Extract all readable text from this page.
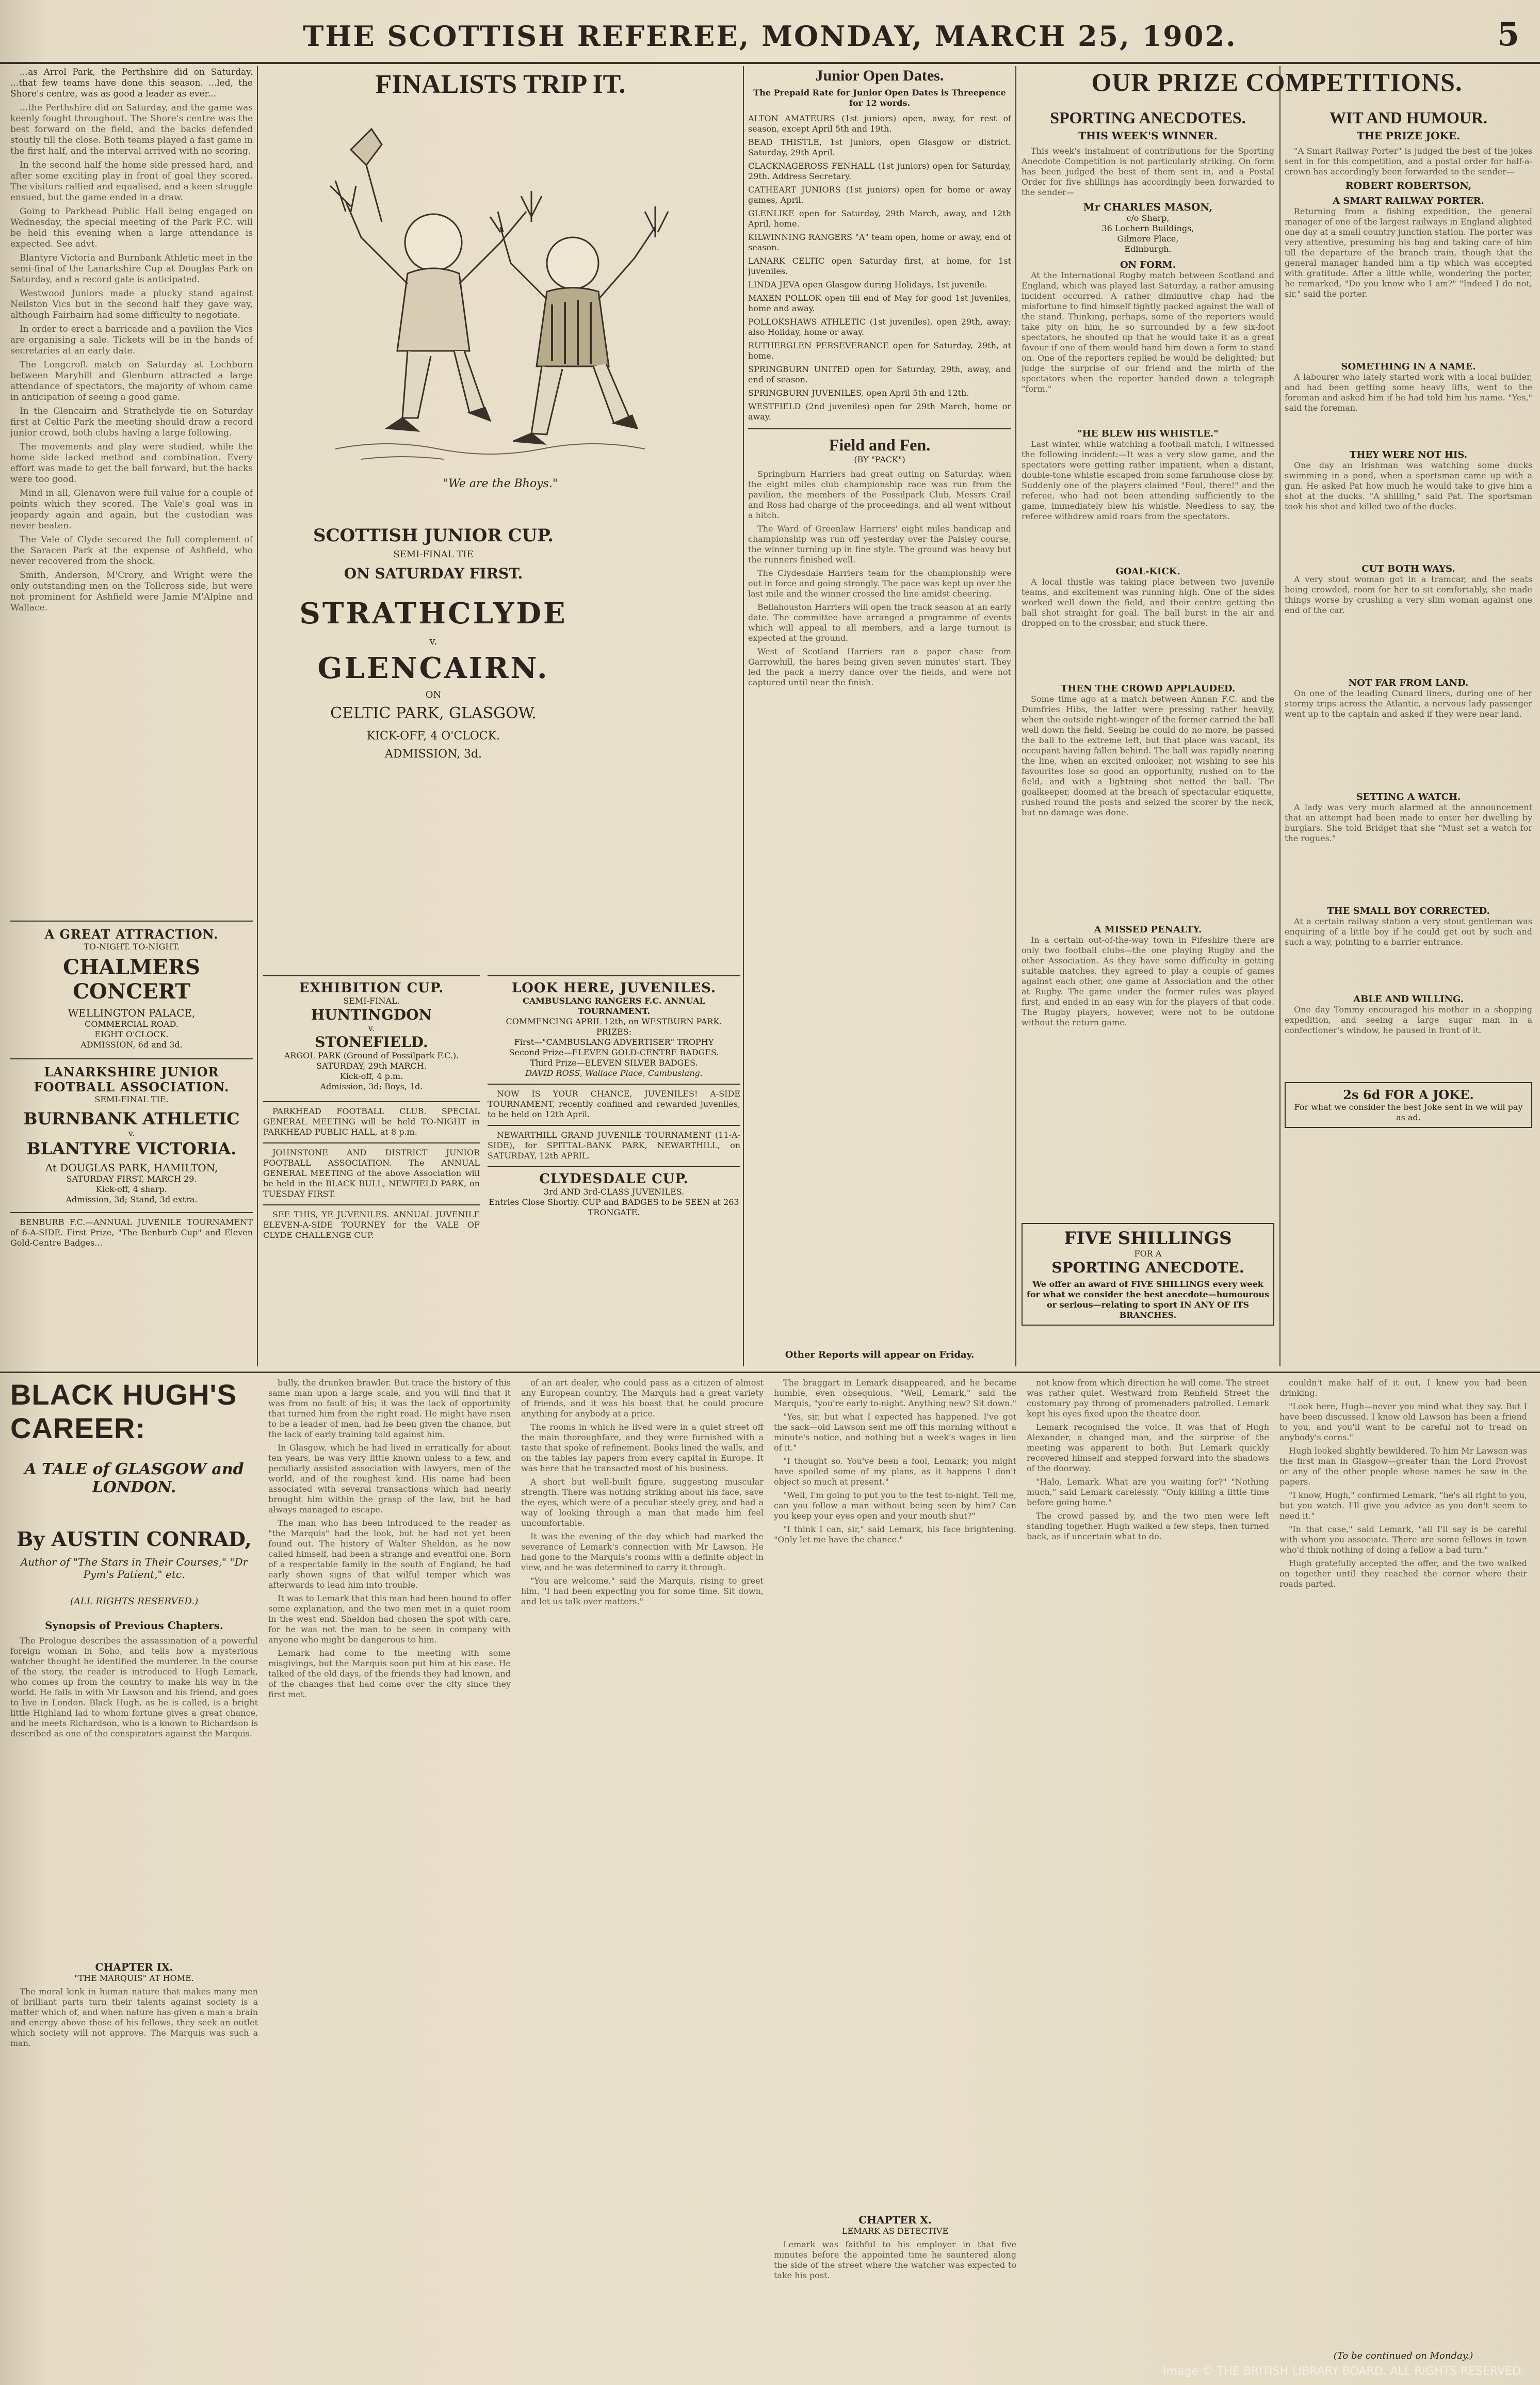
THE SCOTTISH REFEREE, MONDAY, MARCH 25, 1902.	5

...as Arrol Park, the Perthshire did on Saturday. ...that few teams have done this season. ...led, the Shore's centre, was as good a leader as ever...

...the Perthshire did on Saturday, and the game was keenly fought throughout. The Shore's centre was the best forward on the field, and the backs defended stoutly till the close. Both teams played a fast game in the first half, and the interval arrived with no scoring.

In the second half the home side pressed hard, and after some exciting play in front of goal they scored. The visitors rallied and equalised, and a keen struggle ensued, but the game ended in a draw.

Going to Parkhead Public Hall being engaged on Wednesday, the special meeting of the Park F.C. will be held this evening when a large attendance is expected. See advt.

Blantyre Victoria and Burnbank Athletic meet in the semi-final of the Lanarkshire Cup at Douglas Park on Saturday, and a record gate is anticipated.

Westwood Juniors made a plucky stand against Neilston Vics but in the second half they gave way, although Fairbairn had some difficulty to negotiate.

In order to erect a barricade and a pavilion the Vics are organising a sale. Tickets will be in the hands of secretaries at an early date.

The Longcroft match on Saturday at Lochburn between Maryhill and Glenburn attracted a large attendance of spectators, the majority of whom came in anticipation of seeing a good game.

In the Glencairn and Strathclyde tie on Saturday first at Celtic Park the meeting should draw a record junior crowd, both clubs having a large following.

The movements and play were studied, while the home side lacked method and combination. Every effort was made to get the ball forward, but the backs were too good.

Mind in all, Glenavon were full value for a couple of points which they scored. The Vale's goal was in jeopardy again and again, but the custodian was never beaten.

The Vale of Clyde secured the full complement of the Saracen Park at the expense of Ashfield, who never recovered from the shock.

Smith, Anderson, M'Crory, and Wright were the only outstanding men on the Tollcross side, but were not prominent for Ashfield were Jamie M'Alpine and Wallace.

A GREAT ATTRACTION.
TO-NIGHT. TO-NIGHT.
CHALMERS CONCERT
WELLINGTON PALACE,
COMMERCIAL ROAD.
EIGHT O'CLOCK.
ADMISSION, 6d and 3d.
LANARKSHIRE JUNIOR FOOTBALL ASSOCIATION.
SEMI-FINAL TIE.
BURNBANK ATHLETIC
v.
BLANTYRE VICTORIA.
At DOUGLAS PARK, HAMILTON,
SATURDAY FIRST, MARCH 29.
Kick-off, 4 sharp.
Admission, 3d; Stand, 3d extra.

BENBURB F.C.—ANNUAL JUVENILE TOURNAMENT of 6-A-SIDE. First Prize, "The Benburb Cup" and Eleven Gold-Centre Badges...

FINALISTS TRIP IT.
"We are the Bhoys."
SCOTTISH JUNIOR CUP.
SEMI-FINAL TIE
ON SATURDAY FIRST.
STRATHCLYDE
v.
GLENCAIRN.
ON
CELTIC PARK, GLASGOW.
KICK-OFF, 4 O'CLOCK.
ADMISSION, 3d.
Junior Open Dates.
The Prepaid Rate for Junior Open Dates is Threepence for 12 words.

ALTON AMATEURS (1st juniors) open, away, for rest of season, except April 5th and 19th.

BEAD THISTLE, 1st juniors, open Glasgow or district. Saturday, 29th April.

CLACKNAGEROSS FENHALL (1st juniors) open for Saturday, 29th. Address Secretary.

CATHEART JUNIORS (1st juniors) open for home or away games, April.

GLENLIKE open for Saturday, 29th March, away, and 12th April, home.

KILWINNING RANGERS "A" team open, home or away, end of season.

LANARK CELTIC open Saturday first, at home, for 1st juveniles.

LINDA JEVA open Glasgow during Holidays, 1st juvenile.

MAXEN POLLOK open till end of May for good 1st juveniles, home and away.

POLLOKSHAWS ATHLETIC (1st juveniles), open 29th, away; also Holiday, home or away.

RUTHERGLEN PERSEVERANCE open for Saturday, 29th, at home.

SPRINGBURN UNITED open for Saturday, 29th, away, and end of season.

SPRINGBURN JUVENILES, open April 5th and 12th.

WESTFIELD (2nd juveniles) open for 29th March, home or away.

Field and Fen.
(BY "PACK")

Springburn Harriers had great outing on Saturday, when the eight miles club championship race was run from the pavilion, the members of the Possilpark Club, Messrs Crail and Ross had charge of the proceedings, and all went without a hitch.

The Ward of Greenlaw Harriers' eight miles handicap and championship was run off yesterday over the Paisley course, the winner turning up in fine style. The ground was heavy but the runners finished well.

The Clydesdale Harriers team for the championship were out in force and going strongly. The pace was kept up over the last mile and the winner crossed the line amidst cheering.

Bellahouston Harriers will open the track season at an early date. The committee have arranged a programme of events which will appeal to all members, and a large turnout is expected at the ground.

West of Scotland Harriers ran a paper chase from Garrowhill, the hares being given seven minutes' start. They led the pack a merry dance over the fields, and were not captured until near the finish.

EXHIBITION CUP.
SEMI-FINAL.
HUNTINGDON
v.
STONEFIELD.
ARGOL PARK (Ground of Possilpark F.C.).
SATURDAY, 29th MARCH.
Kick-off, 4 p.m.
Admission, 3d; Boys, 1d.

PARKHEAD FOOTBALL CLUB. SPECIAL GENERAL MEETING will be held TO-NIGHT in PARKHEAD PUBLIC HALL, at 8 p.m.

JOHNSTONE AND DISTRICT JUNIOR FOOTBALL ASSOCIATION. The ANNUAL GENERAL MEETING of the above Association will be held in the BLACK BULL, NEWFIELD PARK, on TUESDAY FIRST.

SEE THIS, YE JUVENILES. ANNUAL JUVENILE ELEVEN-A-SIDE TOURNEY for the VALE OF CLYDE CHALLENGE CUP.

LOOK HERE, JUVENILES.
CAMBUSLANG RANGERS F.C. ANNUAL TOURNAMENT.
COMMENCING APRIL 12th, on WESTBURN PARK.
PRIZES:
First—"CAMBUSLANG ADVERTISER" TROPHY
Second Prize—ELEVEN GOLD-CENTRE BADGES.
Third Prize—ELEVEN SILVER BADGES.
DAVID ROSS, Wallace Place, Cambuslang.

NOW IS YOUR CHANCE, JUVENILES! A-SIDE TOURNAMENT, recently confined and rewarded juveniles, to be held on 12th April.

NEWARTHILL GRAND JUVENILE TOURNAMENT (11-A-SIDE), for SPITTAL-BANK PARK, NEWARTHILL, on SATURDAY, 12th APRIL.

CLYDESDALE CUP.
3rd AND 3rd-CLASS JUVENILES.
Entries Close Shortly. CUP and BADGES to be SEEN at 263 TRONGATE.
Other Reports will appear on Friday.
OUR PRIZE COMPETITIONS.
SPORTING ANECDOTES.
THIS WEEK'S WINNER.

This week's instalment of contributions for the Sporting Anecdote Competition is not particularly striking. On form has been judged the best of them sent in, and a Postal Order for five shillings has accordingly been forwarded to the sender—

Mr CHARLES MASON,
c/o Sharp,
36 Lochern Buildings,
Gilmore Place,
Edinburgh.
ON FORM.

At the International Rugby match between Scotland and England, which was played last Saturday, a rather amusing incident occurred. A rather diminutive chap had the misfortune to find himself tightly packed against the wall of the stand. Thinking, perhaps, some of the reporters would take pity on him, he so surrounded by a few six-foot spectators, he shouted up that he would take it as a great favour if one of them would hand him down a form to stand on. One of the reporters replied he would be delighted; but judge the surprise of our friend and the mirth of the spectators when the reporter handed down a telegraph "form."

"HE BLEW HIS WHISTLE."

Last winter, while watching a football match, I witnessed the following incident:—It was a very slow game, and the spectators were getting rather impatient, when a distant, double-tone whistle escaped from some farmhouse close by. Suddenly one of the players claimed "Foul, there!" and the referee, who had not been attending sufficiently to the game, immediately blew his whistle. Needless to say, the referee withdrew amid roars from the spectators.

GOAL-KICK.

A local thistle was taking place between two juvenile teams, and excitement was running high. One of the sides worked well down the field, and their centre getting the ball shot straight for goal. The ball burst in the air and dropped on to the crossbar, and stuck there.

THEN THE CROWD APPLAUDED.

Some time ago at a match between Annan F.C. and the Dumfries Hibs, the latter were pressing rather heavily, when the outside right-winger of the former carried the ball well down the field. Seeing he could do no more, he passed the ball to the extreme left, but that place was vacant, its occupant having fallen behind. The ball was rapidly nearing the line, when an excited onlooker, not wishing to see his favourites lose so good an opportunity, rushed on to the field, and with a lightning shot netted the ball. The goalkeeper, doomed at the breach of spectacular etiquette, rushed round the posts and seized the scorer by the neck, but no damage was done.

A MISSED PENALTY.

In a certain out-of-the-way town in Fifeshire there are only two football clubs—the one playing Rugby and the other Association. As they have some difficulty in getting suitable matches, they agreed to play a couple of games against each other, one game at Association and the other at Rugby. The game under the former rules was played first, and ended in an easy win for the players of that code. The Rugby players, however, were not to be outdone without the return game.

WIT AND HUMOUR.
THE PRIZE JOKE.

"A Smart Railway Porter" is judged the best of the jokes sent in for this competition, and a postal order for half-a-crown has accordingly been forwarded to the sender—

ROBERT ROBERTSON,
A SMART RAILWAY PORTER.

Returning from a fishing expedition, the general manager of one of the largest railways in England alighted one day at a small country junction station. The porter was very attentive, presuming his bag and taking care of him till the departure of the branch train, though that the general manager handed him a tip which was accepted with gratitude. After a little while, wondering the porter, he remarked, "Do you know who I am?" "Indeed I do not, sir," said the porter.

SOMETHING IN A NAME.

A labourer who lately started work with a local builder, and had been getting some heavy lifts, went to the foreman and asked him if he had told him his name. "Yes," said the foreman.

THEY WERE NOT HIS.

One day an Irishman was watching some ducks swimming in a pond, when a sportsman came up with a gun. He asked Pat how much he would take to give him a shot at the ducks. "A shilling," said Pat. The sportsman took his shot and killed two of the ducks.

CUT BOTH WAYS.

A very stout woman got in a tramcar, and the seats being crowded, room for her to sit comfortably, she made things worse by crushing a very slim woman against one end of the car.

NOT FAR FROM LAND.

On one of the leading Cunard liners, during one of her stormy trips across the Atlantic, a nervous lady passenger went up to the captain and asked if they were near land.

SETTING A WATCH.

A lady was very much alarmed at the announcement that an attempt had been made to enter her dwelling by burglars. She told Bridget that she "Must set a watch for the rogues."

THE SMALL BOY CORRECTED.

At a certain railway station a very stout gentleman was enquiring of a little boy if he could get out by such and such a way, pointing to a barrier entrance.

ABLE AND WILLING.

One day Tommy encouraged his mother in a shopping expedition, and seeing a large sugar man in a confectioner's window, he paused in front of it.

2s 6d FOR A JOKE.
For what we consider the best Joke sent in we will pay as ad.
FIVE SHILLINGS
FOR A
SPORTING ANECDOTE.
We offer an award of FIVE SHILLINGS every week for what we consider the best anecdote—humourous or serious—relating to sport IN ANY OF ITS BRANCHES.
BLACK HUGH'S CAREER:
A TALE of GLASGOW and LONDON.
By AUSTIN CONRAD,
Author of "The Stars in Their Courses," "Dr Pym's Patient," etc.
(ALL RIGHTS RESERVED.)
Synopsis of Previous Chapters.

The Prologue describes the assassination of a powerful foreign woman in Soho, and tells how a mysterious watcher thought he identified the murderer. In the course of the story, the reader is introduced to Hugh Lemark, who comes up from the country to make his way in the world. He falls in with Mr Lawson and his friend, and goes to live in London. Black Hugh, as he is called, is a bright little Highland lad to whom fortune gives a great chance, and he meets Richardson, who is a known to Richardson is described as one of the conspirators against the Marquis.

CHAPTER IX.
"THE MARQUIS" AT HOME.

The moral kink in human nature that makes many men of brilliant parts turn their talents against society is a matter which of, and when nature has given a man a brain and energy above those of his fellows, they seek an outlet which society will not approve. The Marquis was such a man.

bully, the drunken brawler. But trace the history of this same man upon a large scale, and you will find that it was from no fault of his; it was the lack of opportunity that turned him from the right road. He might have risen to be a leader of men, had he been given the chance, but the lack of early training told against him.

In Glasgow, which he had lived in erratically for about ten years, he was very little known unless to a few, and peculiarly assisted association with lawyers, men of the world, and of the roughest kind. His name had been associated with several transactions which had nearly brought him within the grasp of the law, but he had always managed to escape.

The man who has been introduced to the reader as "the Marquis" had the look, but he had not yet been found out. The history of Walter Sheldon, as he now called himself, had been a strange and eventful one. Born of a respectable family in the south of England, he had early shown signs of that wilful temper which was afterwards to lead him into trouble.

It was to Lemark that this man had been bound to offer some explanation, and the two men met in a quiet room in the west end. Sheldon had chosen the spot with care, for he was not the man to be seen in company with anyone who might be dangerous to him.

Lemark had come to the meeting with some misgivings, but the Marquis soon put him at his ease. He talked of the old days, of the friends they had known, and of the changes that had come over the city since they first met.

of an art dealer, who could pass as a citizen of almost any European country. The Marquis had a great variety of friends, and it was his boast that he could procure anything for anybody at a price.

The rooms in which he lived were in a quiet street off the main thoroughfare, and they were furnished with a taste that spoke of refinement. Books lined the walls, and on the tables lay papers from every capital in Europe. It was here that he transacted most of his business.

A short but well-built figure, suggesting muscular strength. There was nothing striking about his face, save the eyes, which were of a peculiar steely grey, and had a way of looking through a man that made him feel uncomfortable.

It was the evening of the day which had marked the severance of Lemark's connection with Mr Lawson. He had gone to the Marquis's rooms with a definite object in view, and he was determined to carry it through.

"You are welcome," said the Marquis, rising to greet him. "I had been expecting you for some time. Sit down, and let us talk over matters."

The braggart in Lemark disappeared, and he became humble, even obsequious. "Well, Lemark," said the Marquis, "you're early to-night. Anything new? Sit down."

"Yes, sir, but what I expected has happened. I've got the sack—old Lawson sent me off this morning without a minute's notice, and nothing but a week's wages in lieu of it."

"I thought so. You've been a fool, Lemark; you might have spoiled some of my plans, as it happens I don't object so much at present."

"Well, I'm going to put you to the test to-night. Tell me, can you follow a man without being seen by him? Can you keep your eyes open and your mouth shut?"

"I think I can, sir," said Lemark, his face brightening. "Only let me have the chance."

CHAPTER X.
LEMARK AS DETECTIVE

Lemark was faithful to his employer in that five minutes before the appointed time he sauntered along the side of the street where the watcher was expected to take his post.

not know from which direction he will come. The street was rather quiet. Westward from Renfield Street the customary pay throng of promenaders patrolled. Lemark kept his eyes fixed upon the theatre door.

Lemark recognised the voice. It was that of Hugh Alexander, a changed man, and the surprise of the meeting was apparent to both. But Lemark quickly recovered himself and stepped forward into the shadows of the doorway.

"Halo, Lemark. What are you waiting for?" "Nothing much," said Lemark carelessly. "Only killing a little time before going home."

The crowd passed by, and the two men were left standing together. Hugh walked a few steps, then turned back, as if uncertain what to do.

couldn't make half of it out, I knew you had been drinking.

"Look here, Hugh—never you mind what they say. But I have been discussed. I know old Lawson has been a friend to you, and you'll want to be careful not to tread on anybody's corns."

Hugh looked slightly bewildered. To him Mr Lawson was the first man in Glasgow—greater than the Lord Provost or any of the other people whose names he saw in the papers.

"I know, Hugh," confirmed Lemark, "he's all right to you, but you watch. I'll give you advice as you don't seem to need it."

"In that case," said Lemark, "all I'll say is be careful with whom you associate. There are some fellows in town who'd think nothing of doing a fellow a bad turn."

Hugh gratefully accepted the offer, and the two walked on together until they reached the corner where their roads parted.

(To be continued on Monday.)
Image © THE BRITISH LIBRARY BOARD. ALL RIGHTS RESERVED.
